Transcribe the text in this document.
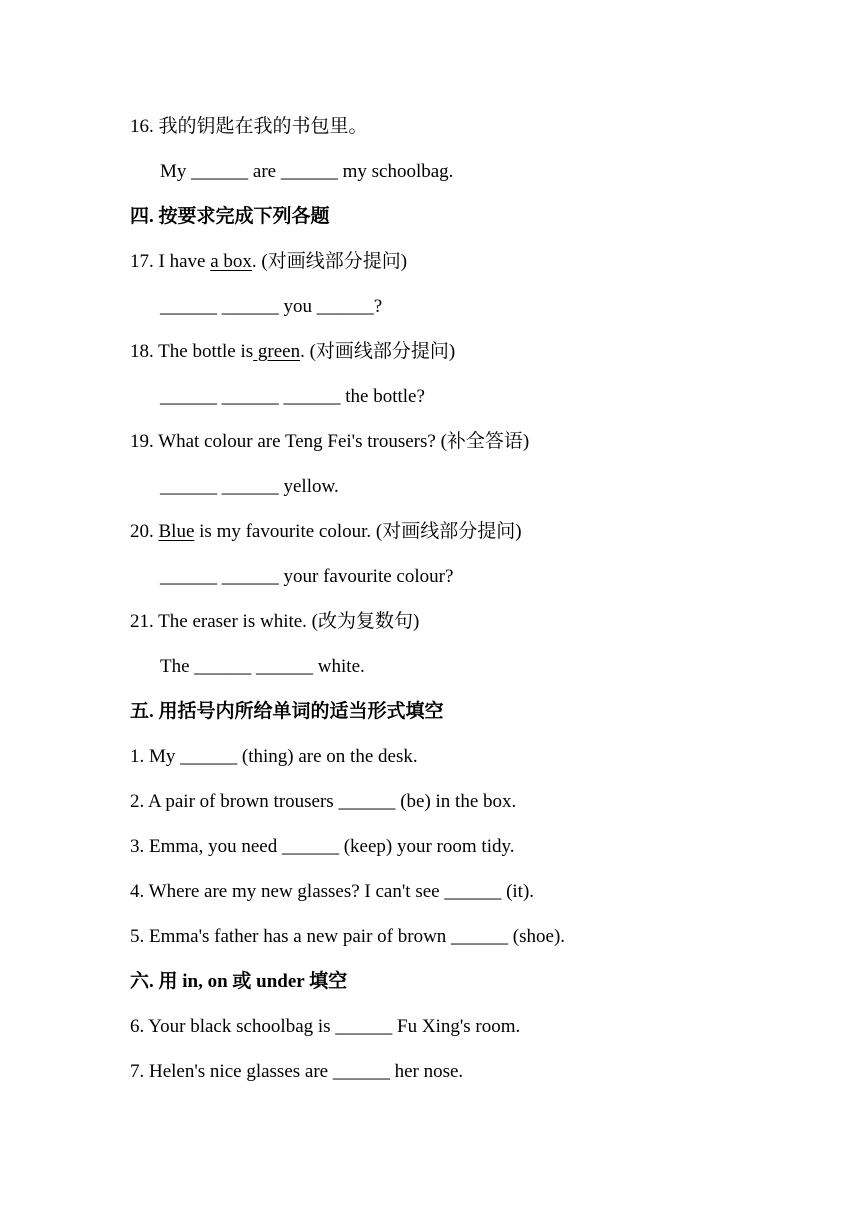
16. 我的钥匙在我的书包里。
My ______ are ______ my schoolbag.
四. 按要求完成下列各题
17. I have a box. (对画线部分提问)
______ ______ you ______?
18. The bottle is green. (对画线部分提问)
______ ______ ______ the bottle?
19. What colour are Teng Fei's trousers? (补全答语)
______ ______ yellow.
20. Blue is my favourite colour. (对画线部分提问)
______ ______ your favourite colour?
21. The eraser is white. (改为复数句)
The ______ ______ white.
五. 用括号内所给单词的适当形式填空
1. My ______ (thing) are on the desk.
2. A pair of brown trousers ______ (be) in the box.
3. Emma, you need ______ (keep) your room tidy.
4. Where are my new glasses? I can't see ______ (it).
5. Emma's father has a new pair of brown ______ (shoe).
六. 用 in, on 或 under 填空
6. Your black schoolbag is ______ Fu Xing's room.
7. Helen's nice glasses are ______ her nose.
